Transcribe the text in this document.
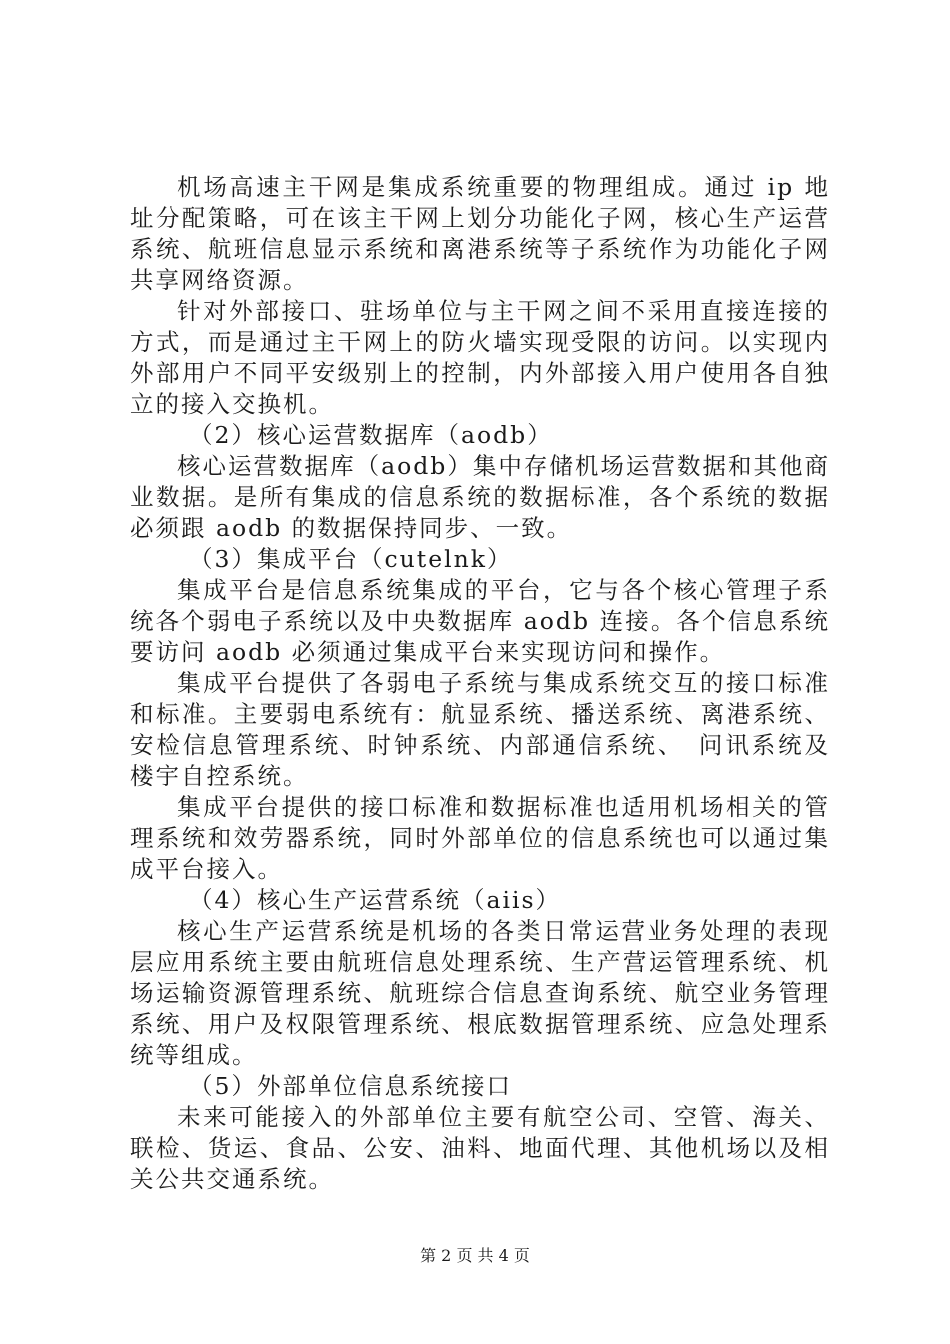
机场高速主干网是集成系统重要的物理组成。通过 ip 地址分配策略，可在该主干网上划分功能化子网，核心生产运营系统、航班信息显示系统和离港系统等子系统作为功能化子网共享网络资源。

针对外部接口、驻场单位与主干网之间不采用直接连接的方式，而是通过主干网上的防火墙实现受限的访问。以实现内外部用户不同平安级别上的控制，内外部接入用户使用各自独立的接入交换机。

（2）核心运营数据库（aodb）

核心运营数据库（aodb）集中存储机场运营数据和其他商业数据。是所有集成的信息系统的数据标准，各个系统的数据必须跟 aodb 的数据保持同步、一致。

（3）集成平台（cutelnk）

集成平台是信息系统集成的平台，它与各个核心管理子系统各个弱电子系统以及中央数据库 aodb 连接。各个信息系统要访问 aodb 必须通过集成平台来实现访问和操作。

集成平台提供了各弱电子系统与集成系统交互的接口标准和标准。主要弱电系统有：航显系统、播送系统、离港系统、安检信息管理系统、时钟系统、内部通信系统、　问讯系统及楼宇自控系统。

集成平台提供的接口标准和数据标准也适用机场相关的管理系统和效劳器系统，同时外部单位的信息系统也可以通过集成平台接入。

（4）核心生产运营系统（aiis）

核心生产运营系统是机场的各类日常运营业务处理的表现层应用系统主要由航班信息处理系统、生产营运管理系统、机场运输资源管理系统、航班综合信息查询系统、航空业务管理系统、用户及权限管理系统、根底数据管理系统、应急处理系统等组成。

（5）外部单位信息系统接口

未来可能接入的外部单位主要有航空公司、空管、海关、联检、货运、食品、公安、油料、地面代理、其他机场以及相关公共交通系统。

第 2 页 共 4 页
